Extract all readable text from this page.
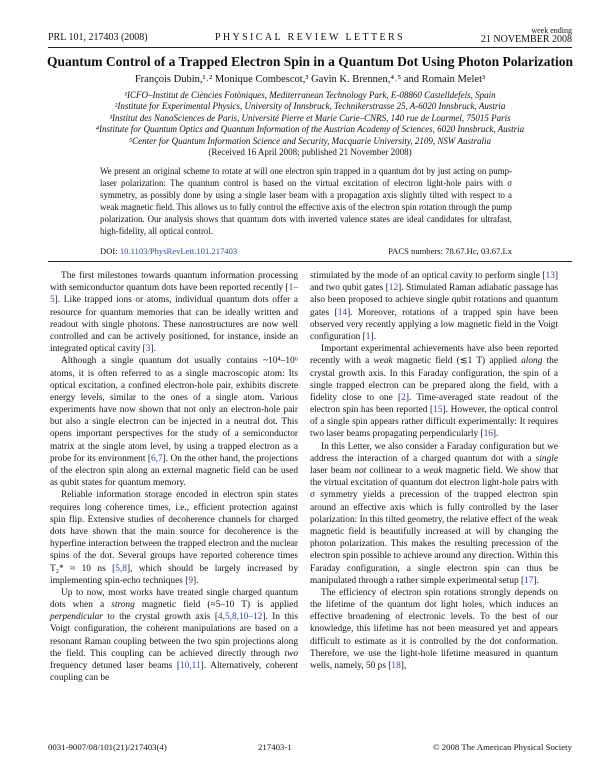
PRL 101, 217403 (2008)	PHYSICAL REVIEW LETTERS
week ending
21 NOVEMBER 2008
Quantum Control of a Trapped Electron Spin in a Quantum Dot Using Photon Polarization
François Dubin,¹˒² Monique Combescot,³ Gavin K. Brennen,⁴˒⁵ and Romain Melet³
¹ICFO–Institut de Ciències Fotòniques, Mediterranean Technology Park, E-08860 Castelldefels, Spain
²Institute for Experimental Physics, University of Innsbruck, Technikerstrasse 25, A-6020 Innsbruck, Austria
³Institut des NanoSciences de Paris, Université Pierre et Marie Curie–CNRS, 140 rue de Lourmel, 75015 Paris
⁴Institute for Quantum Optics and Quantum Information of the Austrian Academy of Sciences, 6020 Innsbruck, Austria
⁵Center for Quantum Information Science and Security, Macquarie University, 2109, NSW Australia
(Received 16 April 2008; published 21 November 2008)
We present an original scheme to rotate at will one electron spin trapped in a quantum dot by just acting on pump-laser polarization: The quantum control is based on the virtual excitation of electron light-hole pairs with σ symmetry, as possibly done by using a single laser beam with a propagation axis slightly tilted with respect to a weak magnetic field. This allows us to fully control the effective axis of the electron spin rotation through the pump polarization. Our analysis shows that quantum dots with inverted valence states are ideal candidates for ultrafast, high-fidelity, all optical control.
DOI: 10.1103/PhysRevLett.101.217403	PACS numbers: 78.67.Hc, 03.67.Lx

The first milestones towards quantum information processing with semiconductor quantum dots have been reported recently [1–5]. Like trapped ions or atoms, individual quantum dots offer a resource for quantum memories that can be ideally written and readout with single photons. These nanostructures are now well controlled and can be actively positioned, for instance, inside an integrated optical cavity [3].

Although a single quantum dot usually contains ~10⁴–10⁶ atoms, it is often referred to as a single macroscopic atom: Its optical excitation, a confined electron-hole pair, exhibits discrete energy levels, similar to the ones of a single atom. Various experiments have now shown that not only an electron-hole pair but also a single electron can be injected in a neutral dot. This opens important perspectives for the study of a semiconductor matrix at the single atom level, by using a trapped electron as a probe for its environment [6,7]. On the other hand, the projections of the electron spin along an external magnetic field can be used as qubit states for quantum memory.

Reliable information storage encoded in electron spin states requires long coherence times, i.e., efficient protection against spin flip. Extensive studies of decoherence channels for charged dots have shown that the main source for decoherence is the hyperfine interaction between the trapped electron and the nuclear spins of the dot. Several groups have reported coherence times T₂* ≈ 10 ns [5,8], which should be largely increased by implementing spin-echo techniques [9].

Up to now, most works have treated single charged quantum dots when a strong magnetic field (≈5–10 T) is applied perpendicular to the crystal growth axis [4,5,8,10–12]. In this Voigt configuration, the coherent manipulations are based on a resonant Raman coupling between the two spin projections along the field. This coupling can be achieved directly through two frequency detuned laser beams [10,11]. Alternatively, coherent coupling can be

stimulated by the mode of an optical cavity to perform single [13] and two qubit gates [12]. Stimulated Raman adiabatic passage has also been proposed to achieve single qubit rotations and quantum gates [14]. Moreover, rotations of a trapped spin have been observed very recently applying a low magnetic field in the Voigt configuration [1].

Important experimental achievements have also been reported recently with a weak magnetic field (≲1 T) applied along the crystal growth axis. In this Faraday configuration, the spin of a single trapped electron can be prepared along the field, with a fidelity close to one [2]. Time-averaged state readout of the electron spin has been reported [15]. However, the optical control of a single spin appears rather difficult experimentally: It requires two laser beams propagating perpendicularly [16].

In this Letter, we also consider a Faraday configuration but we address the interaction of a charged quantum dot with a single laser beam not collinear to a weak magnetic field. We show that the virtual excitation of quantum dot electron light-hole pairs with σ symmetry yields a precession of the trapped electron spin around an effective axis which is fully controlled by the laser polarization: In this tilted geometry, the relative effect of the weak magnetic field is beautifully increased at will by changing the photon polarization. This makes the resulting precession of the electron spin possible to achieve around any direction. Within this Faraday configuration, a single electron spin can thus be manipulated through a rather simple experimental setup [17].

The efficiency of electron spin rotations strongly depends on the lifetime of the quantum dot light holes, which induces an effective broadening of electronic levels. To the best of our knowledge, this lifetime has not been measured yet and appears difficult to estimate as it is controlled by the dot conformation. Therefore, we use the light-hole lifetime measured in quantum wells, namely, 50 ps [18],

0031-9007/08/101(21)/217403(4)	217403-1	© 2008 The American Physical Society
